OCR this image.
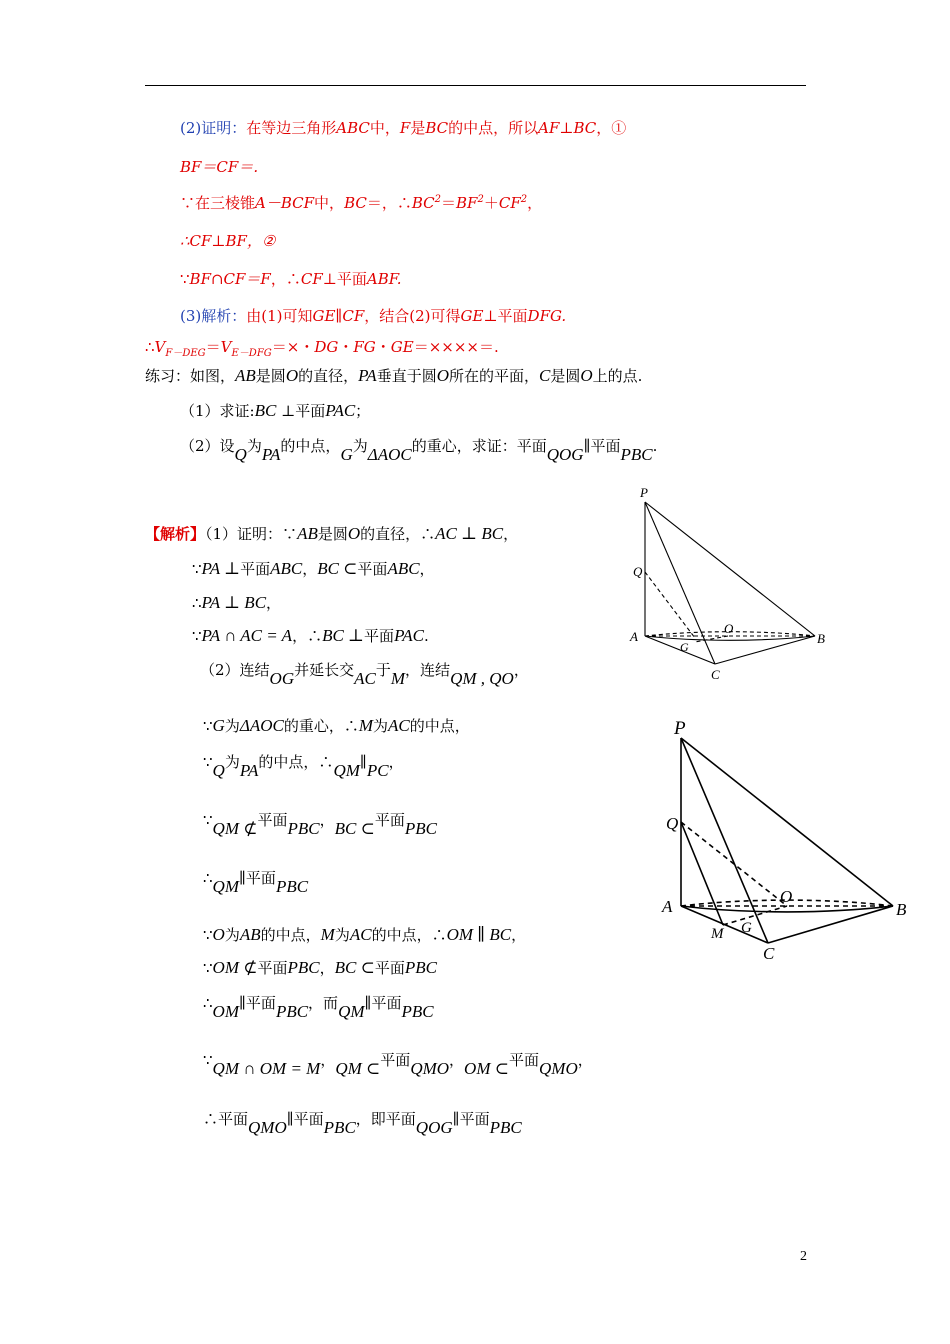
(2)证明：在等边三角形ABC中，F是BC的中点，所以AF⊥BC，①
BF＝CF＝.
∵在三棱锥A－BCF中，BC＝，$\therefore BC^2=BF^2+CF^2$，
∴CF⊥BF，②
∵BF∩CF＝F，∴CF⊥平面ABF.
(3)解析：由(1)可知GE∥CF，结合(2)可得GE⊥平面DFG.
$\therefore V_{F-DEG}=V_{E-DFG}=\times$・DG・FG・GE＝××××＝.
练习：如图，AB是圆O的直径，PA垂直于圆O所在的平面，C是圆O上的点.
（1）求证:BC ⊥平面PAC；
（2）设Q为PA的中点，G为ΔAOC的重心，求证：平面QOG∥平面PBC.
【解析】（1）证明：∵AB是圆O的直径，∴AC ⊥ BC，
∵PA ⊥平面ABC，BC ⊂平面ABC，
∴PA ⊥ BC，
∵PA ∩ AC = A，∴BC ⊥平面PAC.
（2）连结OG并延长交AC于M，连结QM , QO，
∵G为ΔAOC的重心，∴M为AC的中点，
∵Q为PA的中点，∴QM∥PC，
∵QM ⊄平面PBC，BC ⊂平面PBC
∴QM∥平面PBC
∵O为AB的中点，M为AC的中点，∴OM ∥ BC，
∵OM ⊄平面PBC，BC ⊂平面PBC
∴OM∥平面PBC，而QM∥平面PBC
∵QM ∩ OM = M，QM ⊂平面QMO，OM ⊂平面QMO，
∴平面QMO∥平面PBC，即平面QOG∥平面PBC
P
Q
A	B
O
G
C
P
Q
A	B
O
G
M
C
2
